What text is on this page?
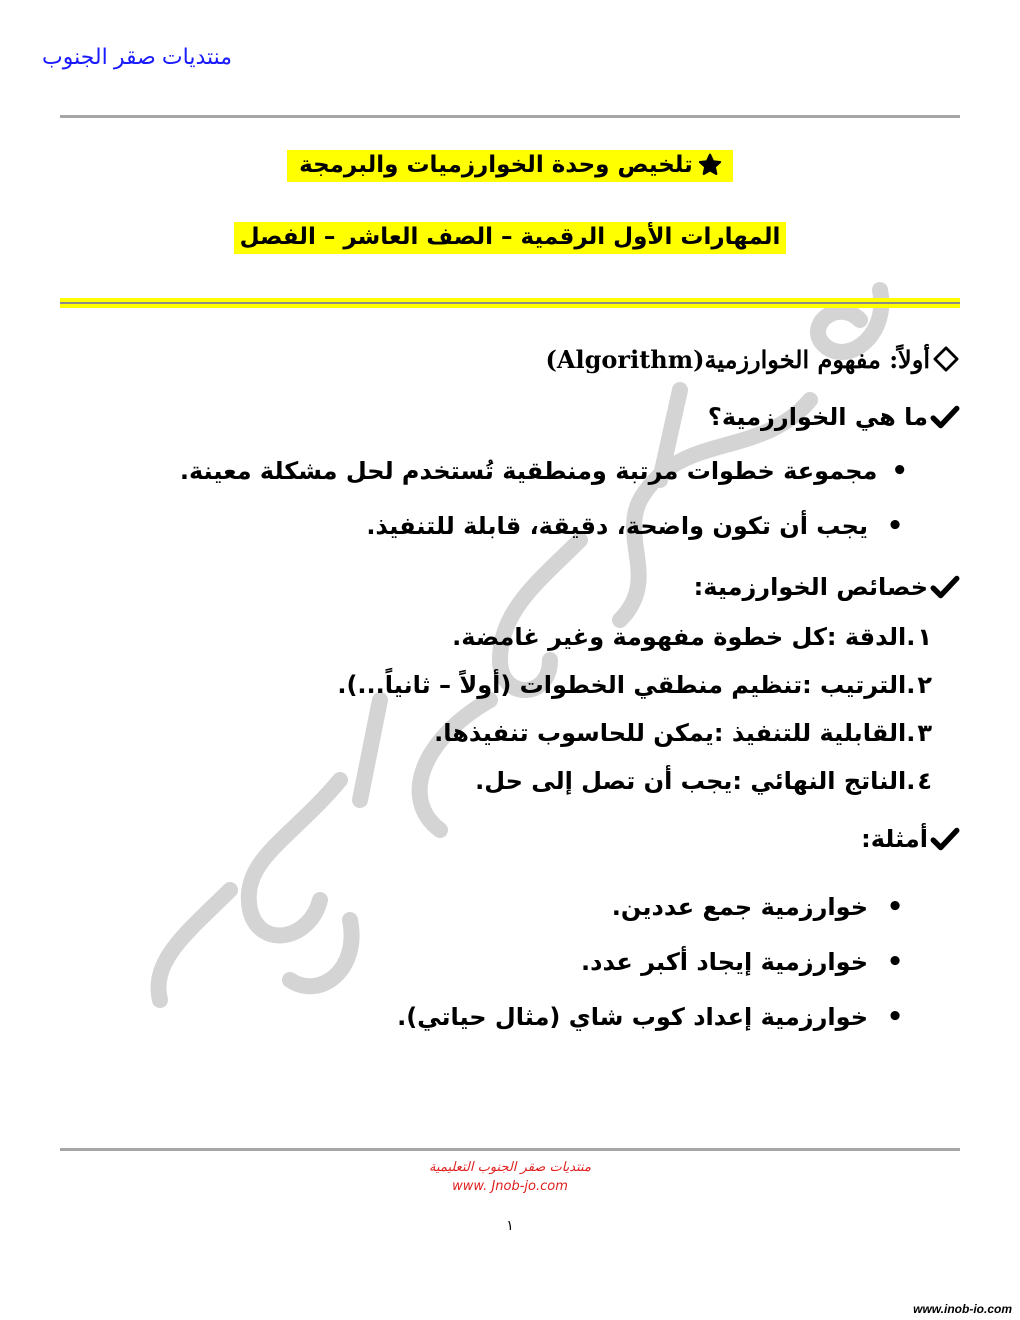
منتديات صقر الجنوب
تلخيص وحدة الخوارزميات والبرمجة
المهارات الأول الرقمية – الصف العاشر – الفصل
أولاً: مفهوم الخوارزمية(Algorithm)
ما هي الخوارزمية؟
•
مجموعة خطوات مرتبة ومنطقية تُستخدم لحل مشكلة معينة.
•
يجب أن تكون واضحة، دقيقة، قابلة للتنفيذ.
خصائص الخوارزمية:
١
.الدقة :كل خطوة مفهومة وغير غامضة.
٢
.الترتيب :تنظيم منطقي الخطوات (أولاً – ثانياً...).
٣
.القابلية للتنفيذ :يمكن للحاسوب تنفيذها.
٤
.الناتج النهائي :يجب أن تصل إلى حل.
أمثلة:
•
خوارزمية جمع عددين.
•
خوارزمية إيجاد أكبر عدد.
•
خوارزمية إعداد كوب شاي (مثال حياتي).
منتديات صقر الجنوب التعليمية
www. Jnob-jo.com
١
www.inob-io.com
